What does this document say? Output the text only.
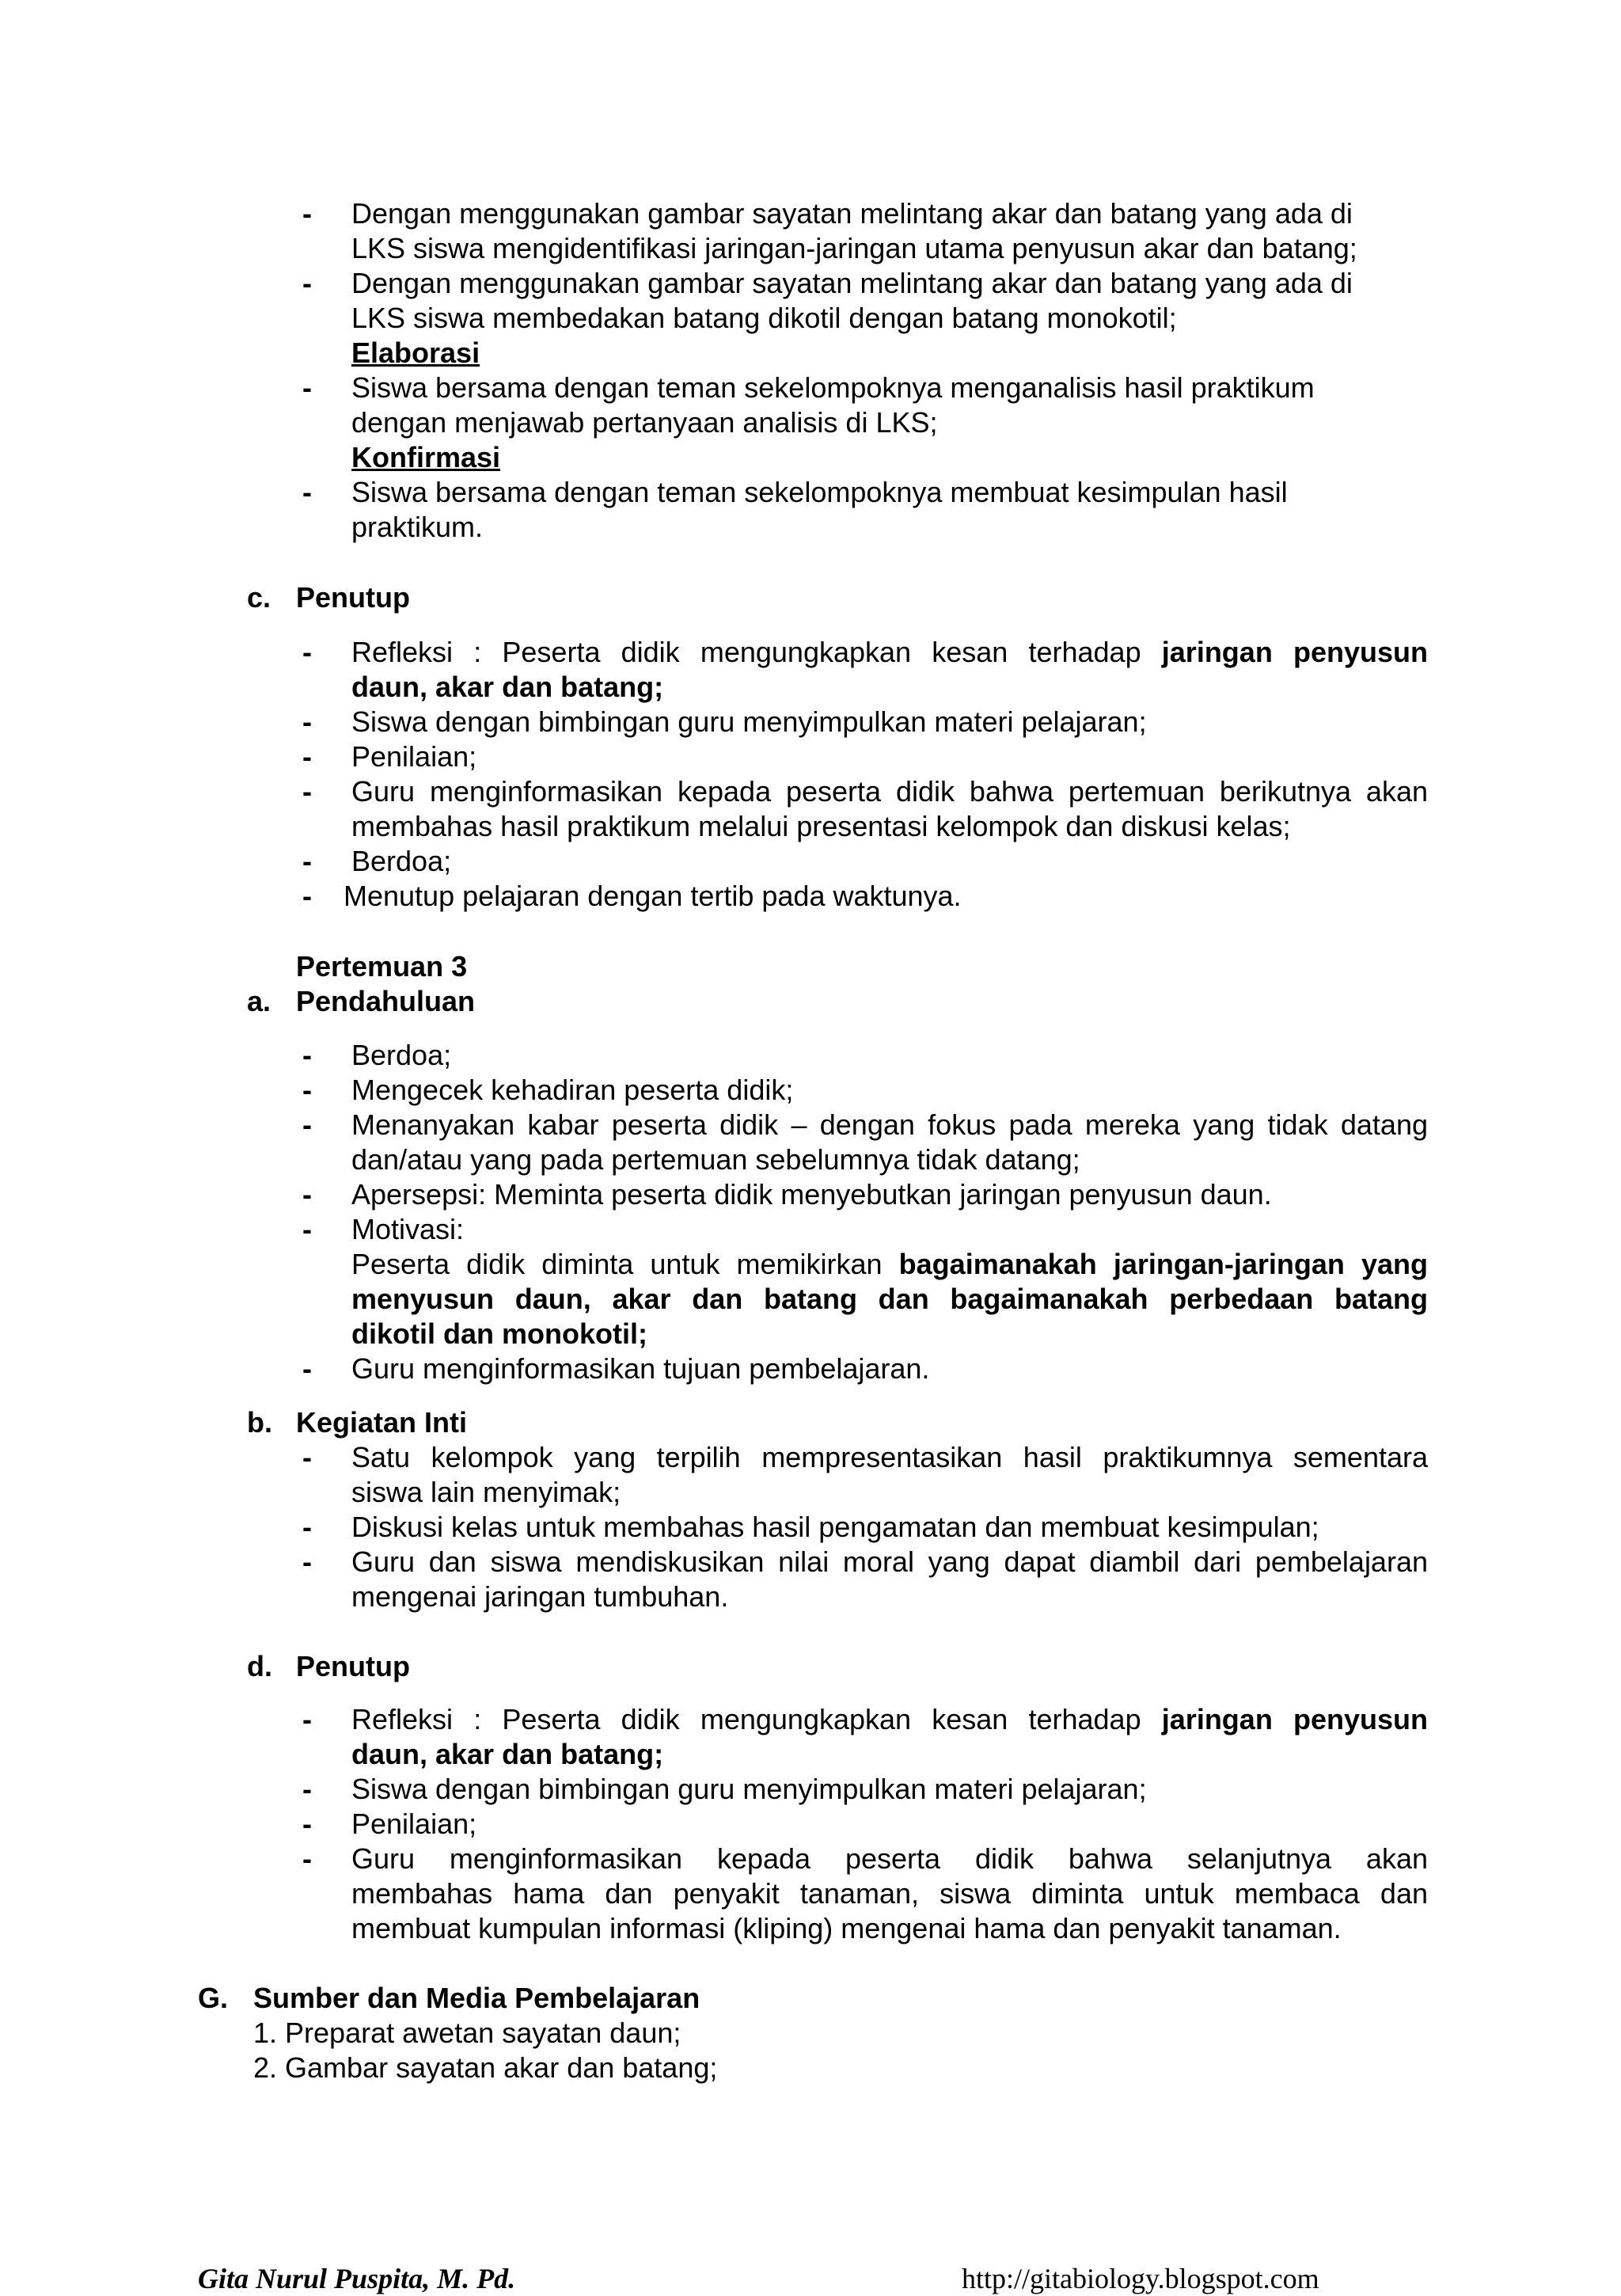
-	Dengan menggunakan gambar sayatan melintang akar dan batang yang ada di
LKS siswa mengidentifikasi jaringan-jaringan utama penyusun akar dan batang;
-	Dengan menggunakan gambar sayatan melintang akar dan batang yang ada di
LKS siswa membedakan batang dikotil dengan batang monokotil;
Elaborasi
-	Siswa bersama dengan teman sekelompoknya menganalisis hasil praktikum
dengan menjawab pertanyaan analisis di LKS;
Konfirmasi
-	Siswa bersama dengan teman sekelompoknya membuat kesimpulan hasil
praktikum.
c. Penutup
-	Refleksi : Peserta didik mengungkapkan kesan terhadap jaringan penyusun
daun, akar dan batang;
-	Siswa dengan bimbingan guru menyimpulkan materi pelajaran;
-	Penilaian;
-	Guru menginformasikan kepada peserta didik bahwa pertemuan berikutnya akan
membahas hasil praktikum melalui presentasi kelompok dan diskusi kelas;
-	Berdoa;
-	Menutup pelajaran dengan tertib pada waktunya.
Pertemuan 3
a. Pendahuluan
-	Berdoa;
-	Mengecek kehadiran peserta didik;
-	Menanyakan kabar peserta didik – dengan fokus pada mereka yang tidak datang
dan/atau yang pada pertemuan sebelumnya tidak datang;
-	Apersepsi: Meminta peserta didik menyebutkan jaringan penyusun daun.
-	Motivasi:
Peserta didik diminta untuk memikirkan bagaimanakah jaringan-jaringan yang
menyusun daun, akar dan batang dan bagaimanakah perbedaan batang
dikotil dan monokotil;
-	Guru menginformasikan tujuan pembelajaran.
b. Kegiatan Inti
-	Satu kelompok yang terpilih mempresentasikan hasil praktikumnya sementara
siswa lain menyimak;
-	Diskusi kelas untuk membahas hasil pengamatan dan membuat kesimpulan;
-	Guru dan siswa mendiskusikan nilai moral yang dapat diambil dari pembelajaran
mengenai jaringan tumbuhan.
d. Penutup
-	Refleksi : Peserta didik mengungkapkan kesan terhadap jaringan penyusun
daun, akar dan batang;
-	Siswa dengan bimbingan guru menyimpulkan materi pelajaran;
-	Penilaian;
-	Guru menginformasikan kepada peserta didik bahwa selanjutnya akan
membahas hama dan penyakit tanaman, siswa diminta untuk membaca dan
membuat kumpulan informasi (kliping) mengenai hama dan penyakit tanaman.
G. Sumber dan Media Pembelajaran
1. Preparat awetan sayatan daun;
2. Gambar sayatan akar dan batang;
Gita Nurul Puspita, M. Pd.	http://gitabiology.blogspot.com
